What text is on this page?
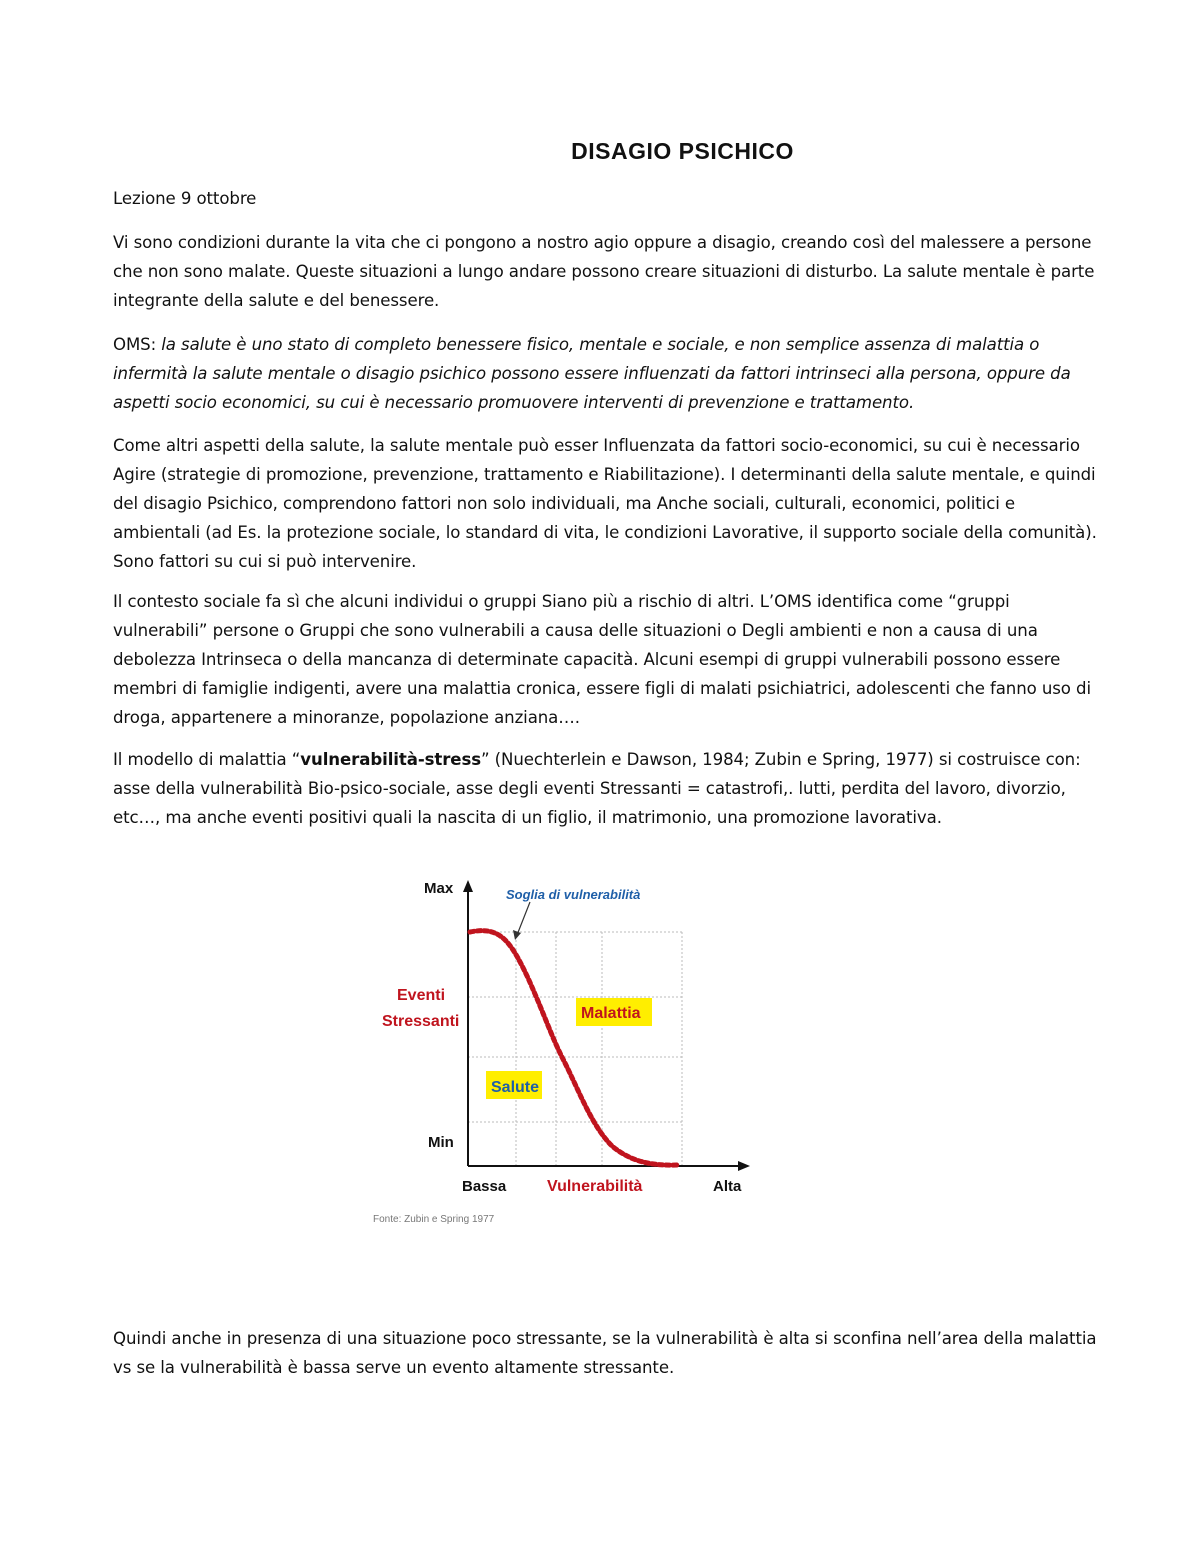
DISAGIO PSICHICO
Lezione 9 ottobre
Vi sono condizioni durante la vita che ci pongono a nostro agio oppure a disagio, creando così del malessere a persone che non sono malate. Queste situazioni a lungo andare possono creare situazioni di disturbo. La salute mentale è parte integrante della salute e del benessere.
OMS: la salute è uno stato di completo benessere fisico, mentale e sociale, e non semplice assenza di malattia o infermità la salute mentale o disagio psichico possono essere influenzati da fattori intrinseci alla persona, oppure da aspetti socio economici, su cui è necessario promuovere interventi di prevenzione e trattamento.
Come altri aspetti della salute, la salute mentale può esser Influenzata da fattori socio-economici, su cui è necessario Agire (strategie di promozione, prevenzione, trattamento e Riabilitazione). I determinanti della salute mentale, e quindi del disagio Psichico, comprendono fattori non solo individuali, ma Anche sociali, culturali, economici, politici e ambientali (ad Es. la protezione sociale, lo standard di vita, le condizioni Lavorative, il supporto sociale della comunità). Sono fattori su cui si può intervenire.
Il contesto sociale fa sì che alcuni individui o gruppi Siano più a rischio di altri. L’OMS identifica come “gruppi vulnerabili” persone o Gruppi che sono vulnerabili a causa delle situazioni o Degli ambienti e non a causa di una debolezza Intrinseca o della mancanza di determinate capacità. Alcuni esempi di gruppi vulnerabili possono essere membri di famiglie indigenti, avere una malattia cronica, essere figli di malati psichiatrici, adolescenti che fanno uso di droga, appartenere a minoranze, popolazione anziana….
Il modello di malattia “vulnerabilità-stress” (Nuechterlein e Dawson, 1984; Zubin e Spring, 1977) si costruisce con: asse della vulnerabilità Bio-psico-sociale, asse degli eventi Stressanti = catastrofi,. lutti, perdita del lavoro, divorzio, etc…, ma anche eventi positivi quali la nascita di un figlio, il matrimonio, una promozione lavorativa.
Max
Min
Bassa	Alta
Vulnerabilità
Eventi
Stressanti
Soglia di vulnerabilità
Malattia
Salute
Fonte: Zubin e Spring 1977
Quindi anche in presenza di una situazione poco stressante, se la vulnerabilità è alta si sconfina nell’area della malattia vs se la vulnerabilità è bassa serve un evento altamente stressante.
